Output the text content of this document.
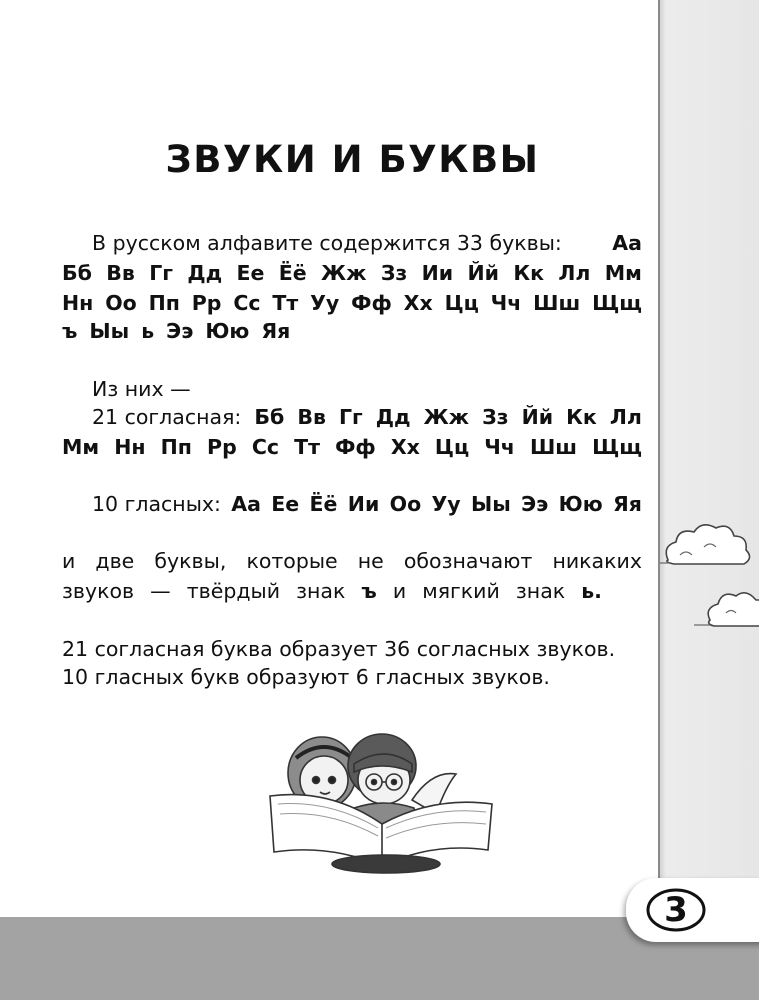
ЗВУКИ И БУКВЫ
В русском алфавите содержится 33 буквы: Аа
Бб Вв Гг Дд Ее Ёё Жж Зз Ии Йй Кк Лл Мм
Нн Оо Пп Рр Сс Тт Уу Фф Хх Цц Чч Шш Щщ
ъ Ыы ь Ээ Юю Яя
Из них —
21 согласная: Бб Вв Гг Дд Жж Зз Йй Кк Лл
Мм Нн Пп Рр Сс Тт Фф Хх Цц Чч Шш Щщ
10 гласных: Аа Ее Ёё Ии Оо Уу Ыы Ээ Юю Яя
и две буквы, которые не обозначают никаких
звуков — твёрдый знак ъ и мягкий знак ь.
21 согласная буква образует 36 согласных звуков.
10 гласных букв образуют 6 гласных звуков.
3
